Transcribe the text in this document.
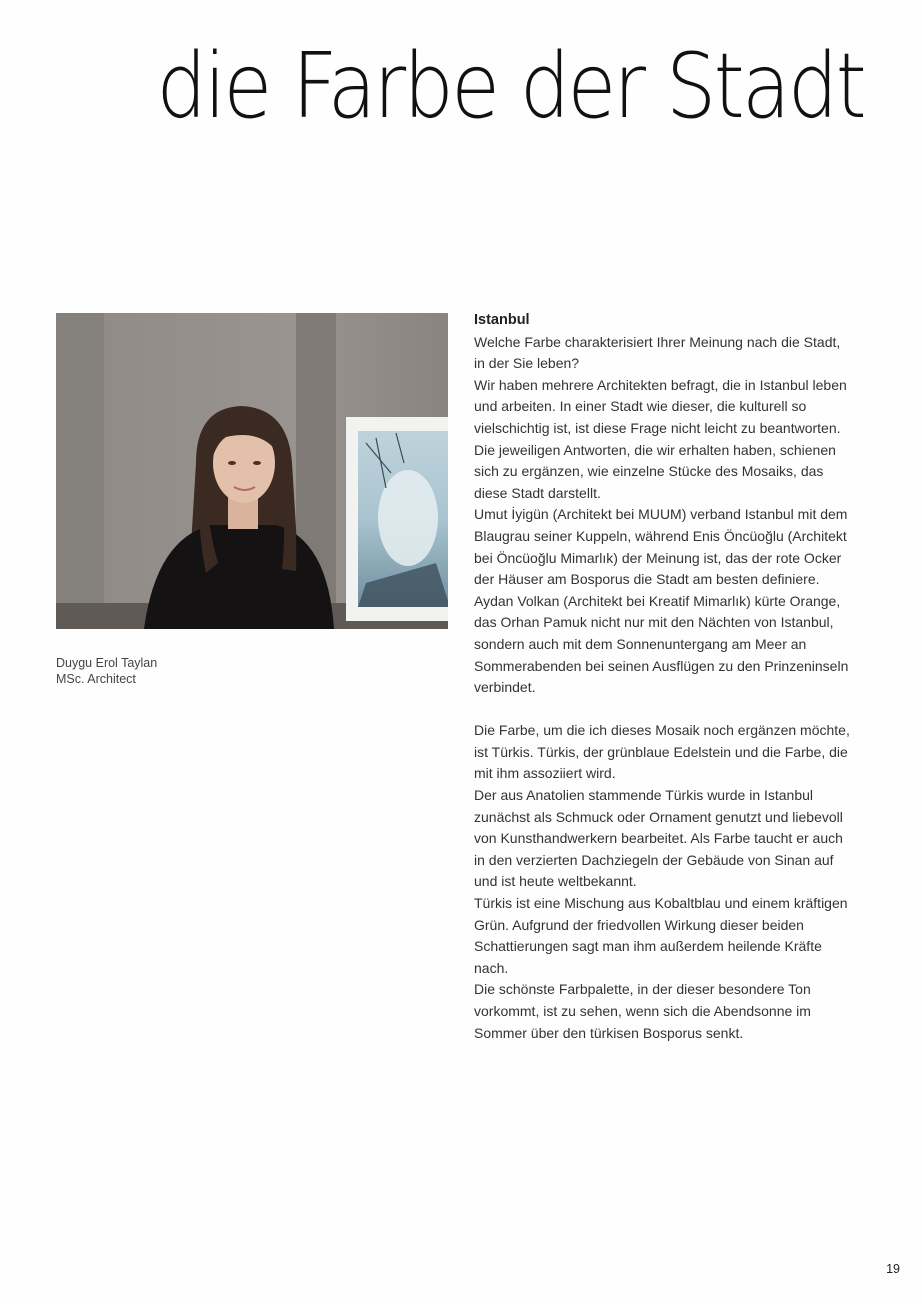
die Farbe der Stadt
Duygu Erol Taylan
MSc. Architect
Istanbul

Welche Farbe charakterisiert Ihrer Meinung nach die Stadt, in der Sie leben?

Wir haben mehrere Architekten befragt, die in Istanbul leben und arbeiten. In einer Stadt wie dieser, die kulturell so vielschichtig ist, ist diese Frage nicht leicht zu beantworten. Die jeweiligen Antworten, die wir erhalten haben, schienen sich zu ergänzen, wie einzelne Stücke des Mosaiks, das diese Stadt darstellt.

Umut İyigün (Architekt bei MUUM) verband Istanbul mit dem Blaugrau seiner Kuppeln, während Enis Öncüoğlu (Architekt bei Öncüoğlu Mimarlık) der Meinung ist, das der rote Ocker der Häuser am Bosporus die Stadt am besten definiere. Aydan Volkan (Architekt bei Kreatif Mimarlık) kürte Orange, das Orhan Pamuk nicht nur mit den Nächten von Istanbul, sondern auch mit dem Sonnenuntergang am Meer an Sommerabenden bei seinen Ausflügen zu den Prinzeninseln verbindet.

Die Farbe, um die ich dieses Mosaik noch ergänzen möchte, ist Türkis. Türkis, der grünblaue Edelstein und die Farbe, die mit ihm assoziiert wird.

Der aus Anatolien stammende Türkis wurde in Istanbul zunächst als Schmuck oder Ornament genutzt und liebevoll von Kunsthandwerkern bearbeitet. Als Farbe taucht er auch in den verzierten Dachziegeln der Gebäude von Sinan auf und ist heute weltbekannt.

Türkis ist eine Mischung aus Kobaltblau und einem kräftigen Grün. Aufgrund der friedvollen Wirkung dieser beiden Schattierungen sagt man ihm außerdem heilende Kräfte nach.

Die schönste Farbpalette, in der dieser besondere Ton vorkommt, ist zu sehen, wenn sich die Abendsonne im Sommer über den türkisen Bosporus senkt.

19
